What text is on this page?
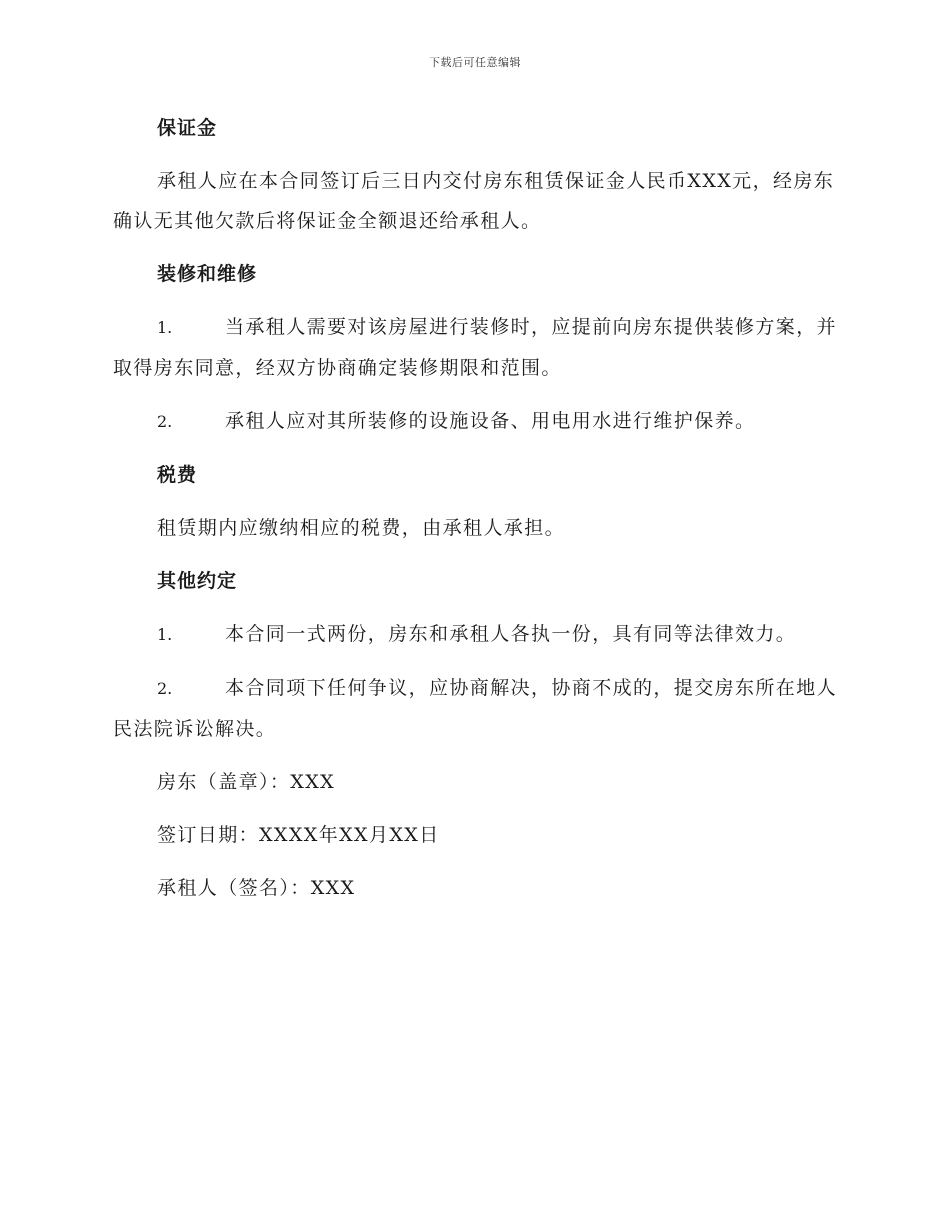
下载后可任意编辑
保证金
承租人应在本合同签订后三日内交付房东租赁保证金人民币XXX元，经房东确认无其他欠款后将保证金全额退还给承租人。
装修和维修
1.	当承租人需要对该房屋进行装修时，应提前向房东提供装修方案，并取得房东同意，经双方协商确定装修期限和范围。
2.	承租人应对其所装修的设施设备、用电用水进行维护保养。
税费
租赁期内应缴纳相应的税费，由承租人承担。
其他约定
1.	本合同一式两份，房东和承租人各执一份，具有同等法律效力。
2.	本合同项下任何争议，应协商解决，协商不成的，提交房东所在地人民法院诉讼解决。
房东（盖章）：XXX
签订日期：XXXX年XX月XX日
承租人（签名）：XXX
